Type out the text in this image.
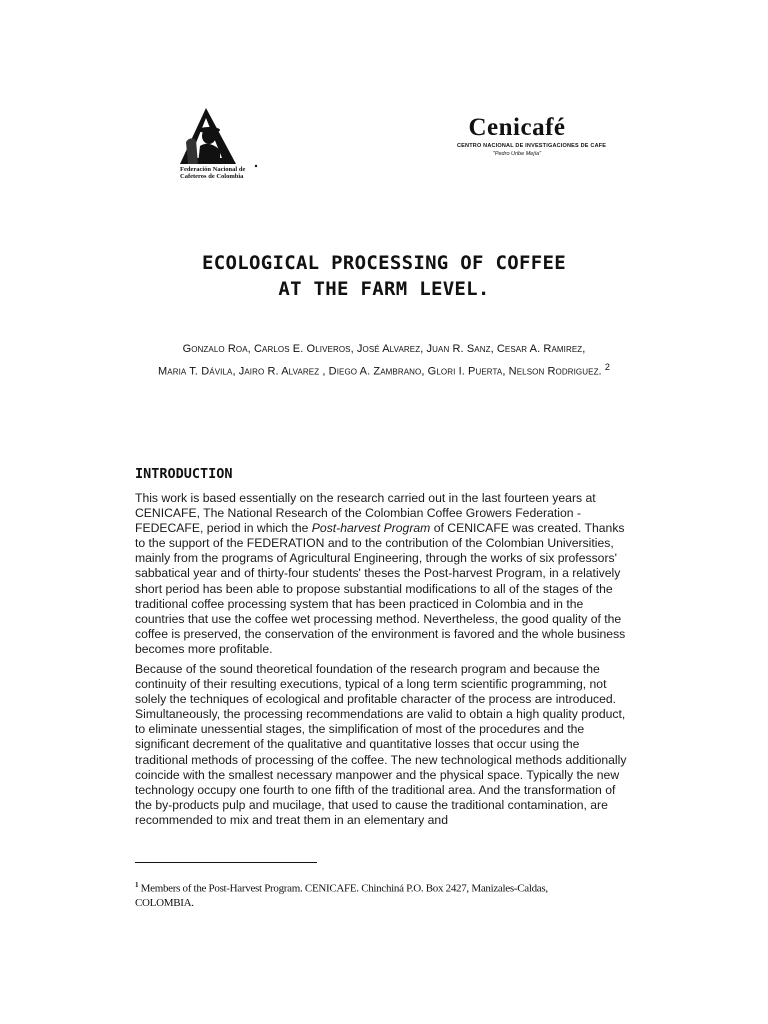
Federación Nacional de
Cafeteros de Colombia
Cenicafé
CENTRO NACIONAL DE INVESTIGACIONES DE CAFE
"Pedro Uribe Mejía"
ECOLOGICAL PROCESSING OF COFFEE
AT THE FARM LEVEL.
Gonzalo Roa, Carlos E. Oliveros, José Alvarez, Juan R. Sanz, Cesar A. Ramirez,
Maria T. Dávila, Jairo R. Alvarez , Diego A. Zambrano, Glori I. Puerta, Nelson Rodriguez. $^2$
INTRODUCTION
This work is based essentially on the research carried out in the last fourteen years at CENICAFE, The National Research of the Colombian Coffee Growers Federation - FEDECAFE, period in which the Post-harvest Program of CENICAFE was created. Thanks to the support of the FEDERATION and to the contribution of the Colombian Universities, mainly from the programs of Agricultural Engineering, through the works of six professors' sabbatical year and of thirty-four students' theses the Post-harvest Program, in a relatively short period has been able to propose substantial modifications to all of the stages of the traditional coffee processing system that has been practiced in Colombia and in the countries that use the coffee wet processing method. Nevertheless, the good quality of the coffee is preserved, the conservation of the environment is favored and the whole business becomes more profitable.
Because of the sound theoretical foundation of the research program and because the continuity of their resulting executions, typical of a long term scientific programming, not solely the techniques of ecological and profitable character of the process are introduced. Simultaneously, the processing recommendations are valid to obtain a high quality product, to eliminate unessential stages, the simplification of most of the procedures and the significant decrement of the qualitative and quantitative losses that occur using the traditional methods of processing of the coffee. The new technological methods additionally coincide with the smallest necessary manpower and the physical space. Typically the new technology occupy one fourth to one fifth of the traditional area. And the transformation of the by-products pulp and mucilage, that used to cause the traditional contamination, are recommended to mix and treat them in an elementary and
$^1$ Members of the Post-Harvest Program. CENICAFE. Chinchiná P.O. Box 2427, Manizales-Caldas, COLOMBIA.
